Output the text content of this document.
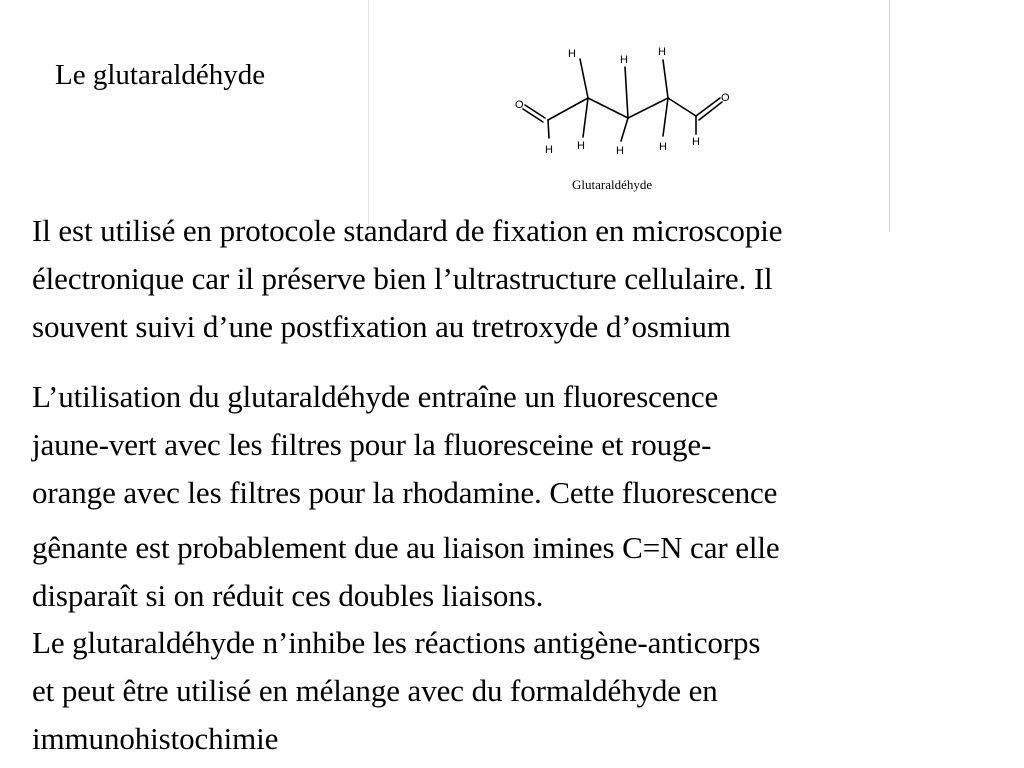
Le glutaraldéhyde
O
O
H
H
H
H
H
H
H H
Glutaraldéhyde
Il est utilisé en protocole standard de fixation en microscopie
électronique car il préserve bien l’ultrastructure cellulaire. Il
souvent suivi d’une postfixation au tretroxyde d’osmium
L’utilisation du glutaraldéhyde entraîne un fluorescence
jaune-vert avec les filtres pour la fluoresceine et rouge-
orange avec les filtres pour la rhodamine. Cette fluorescence
gênante est probablement due au liaison imines C=N car elle
disparaît si on réduit ces doubles liaisons.
Le glutaraldéhyde n’inhibe les réactions antigène-anticorps
et peut être utilisé en mélange avec du formaldéhyde en
immunohistochimie
